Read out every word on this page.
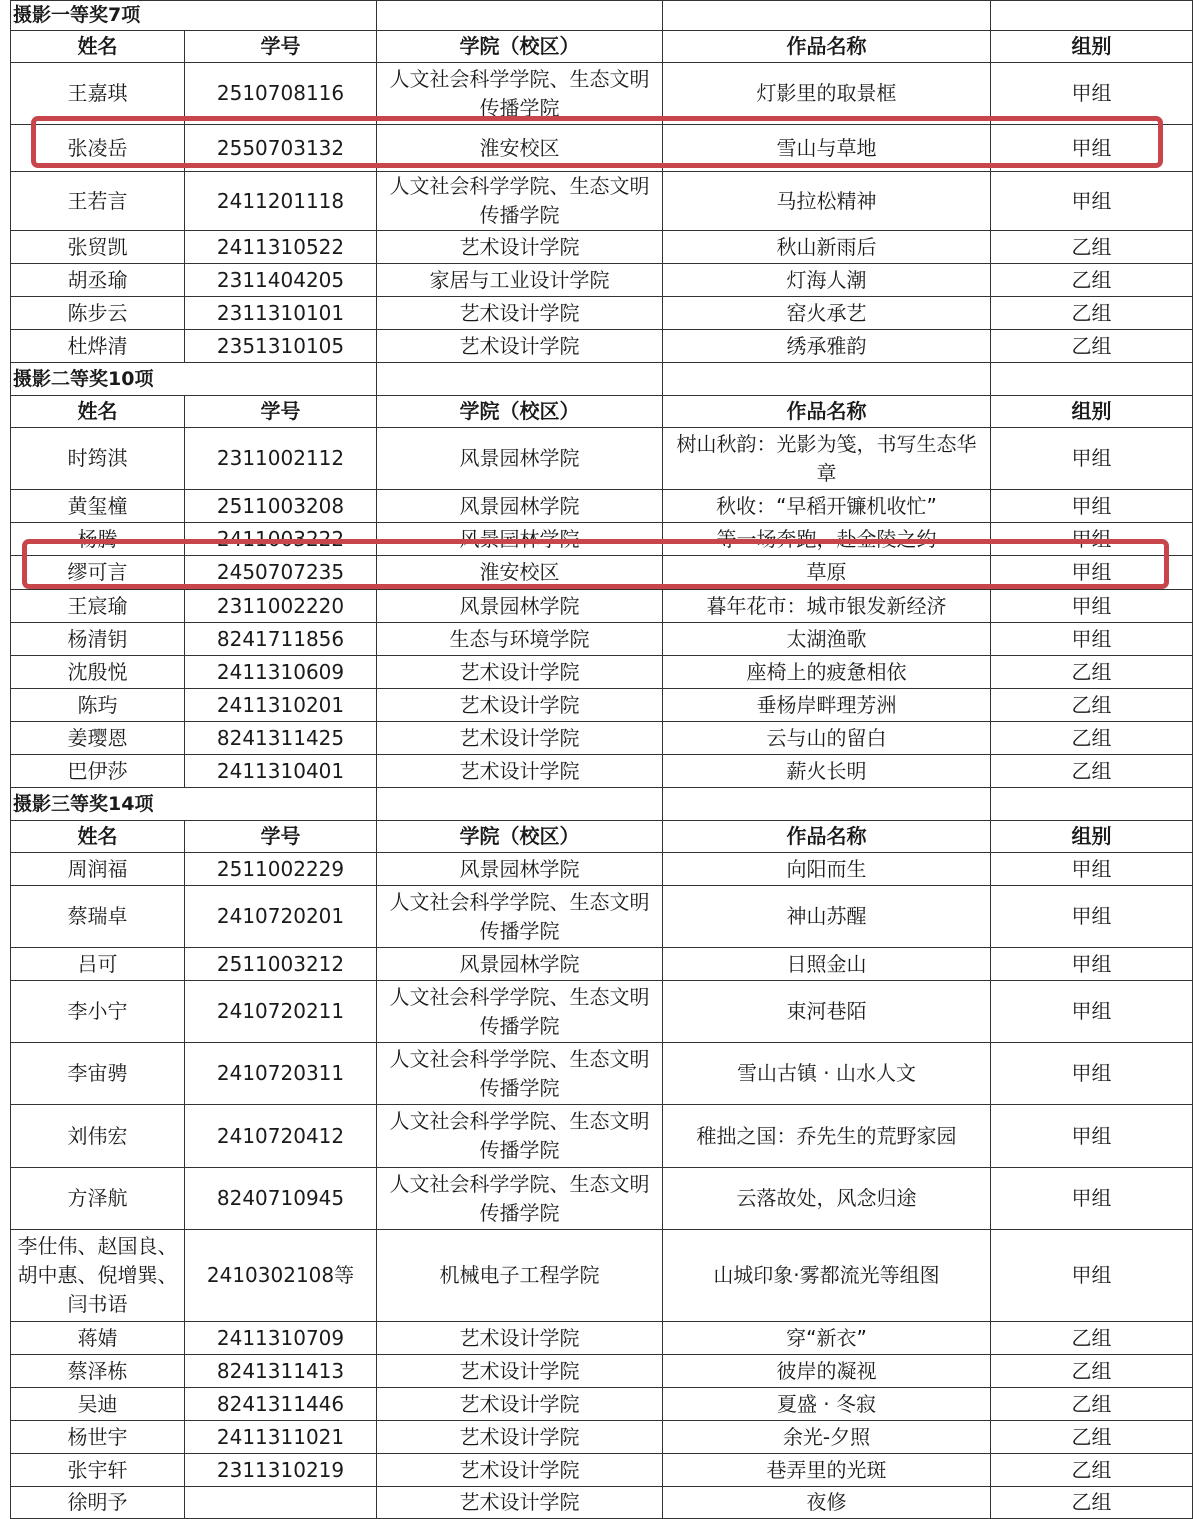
摄影一等奖7项				
姓名	学号	学院（校区）	作品名称	组别
王嘉琪	2510708116	人文社会科学学院、生态文明传播学院	灯影里的取景框	甲组
张凌岳	2550703132	淮安校区	雪山与草地	甲组
王若言	2411201118	人文社会科学学院、生态文明传播学院	马拉松精神	甲组
张贸凯	2411310522	艺术设计学院	秋山新雨后	乙组
胡丞瑜	2311404205	家居与工业设计学院	灯海人潮	乙组
陈步云	2311310101	艺术设计学院	窑火承艺	乙组
杜烨清	2351310105	艺术设计学院	绣承雅韵	乙组
摄影二等奖10项				
姓名	学号	学院（校区）	作品名称	组别
时筠淇	2311002112	风景园林学院	树山秋韵：光影为笺，书写生态华章	甲组
黄玺橦	2511003208	风景园林学院	秋收：“早稻开镰机收忙”	甲组
杨腾	2411003222	风景园林学院	等一场奔跑，赴金陵之约	甲组
缪可言	2450707235	淮安校区	草原	甲组
王宸瑜	2311002220	风景园林学院	暮年花市：城市银发新经济	甲组
杨清钥	8241711856	生态与环境学院	太湖渔歌	甲组
沈殷悦	2411310609	艺术设计学院	座椅上的疲惫相依	乙组
陈玙	2411310201	艺术设计学院	垂杨岸畔理芳洲	乙组
姜璎恩	8241311425	艺术设计学院	云与山的留白	乙组
巴伊莎	2411310401	艺术设计学院	薪火长明	乙组
摄影三等奖14项				
姓名	学号	学院（校区）	作品名称	组别
周润福	2511002229	风景园林学院	向阳而生	甲组
蔡瑞卓	2410720201	人文社会科学学院、生态文明传播学院	神山苏醒	甲组
吕可	2511003212	风景园林学院	日照金山	甲组
李小宁	2410720211	人文社会科学学院、生态文明传播学院	束河巷陌	甲组
李宙骋	2410720311	人文社会科学学院、生态文明传播学院	雪山古镇 · 山水人文	甲组
刘伟宏	2410720412	人文社会科学学院、生态文明传播学院	稚拙之国：乔先生的荒野家园	甲组
方泽航	8240710945	人文社会科学学院、生态文明传播学院	云落故处，风念归途	甲组
李仕伟、赵国良、胡中惠、倪增巽、闫书语	2410302108等	机械电子工程学院	山城印象·雾都流光等组图	甲组
蒋婧	2411310709	艺术设计学院	穿“新衣”	乙组
蔡泽栋	8241311413	艺术设计学院	彼岸的凝视	乙组
吴迪	8241311446	艺术设计学院	夏盛 · 冬寂	乙组
杨世宇	2411311021	艺术设计学院	余光-夕照	乙组
张宇轩	2311310219	艺术设计学院	巷弄里的光斑	乙组
徐明予		艺术设计学院	夜修	乙组
